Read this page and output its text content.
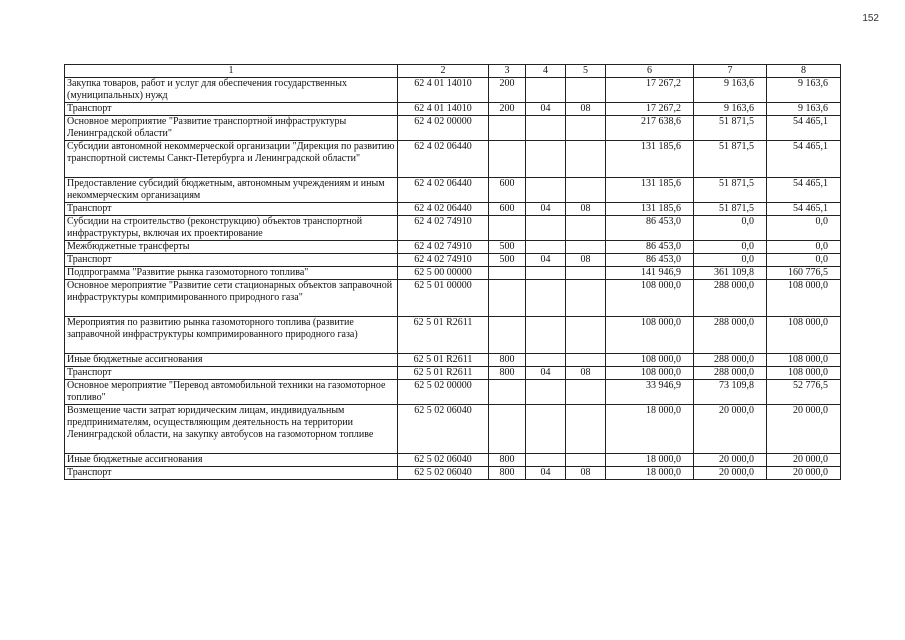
152
1	2	3	4	5	6	7	8
Закупка товаров, работ и услуг для обеспечения государственных (муниципальных) нужд	62 4 01 14010	200			17 267,2	9 163,6	9 163,6
Транспорт	62 4 01 14010	200	04	08	17 267,2	9 163,6	9 163,6
Основное мероприятие "Развитие транспортной инфраструктуры Ленинградской области"	62 4 02 00000				217 638,6	51 871,5	54 465,1
Субсидии автономной некоммерческой организации "Дирекция по развитию транспортной системы Санкт-Петербурга и Ленинградской области"	62 4 02 06440				131 185,6	51 871,5	54 465,1
Предоставление субсидий бюджетным, автономным учреждениям и иным некоммерческим организациям	62 4 02 06440	600			131 185,6	51 871,5	54 465,1
Транспорт	62 4 02 06440	600	04	08	131 185,6	51 871,5	54 465,1
Субсидии на строительство (реконструкцию) объектов транспортной инфраструктуры, включая их проектирование	62 4 02 74910				86 453,0	0,0	0,0
Межбюджетные трансферты	62 4 02 74910	500			86 453,0	0,0	0,0
Транспорт	62 4 02 74910	500	04	08	86 453,0	0,0	0,0
Подпрограмма "Развитие рынка газомоторного топлива"	62 5 00 00000				141 946,9	361 109,8	160 776,5
Основное мероприятие "Развитие сети стационарных объектов заправочной инфраструктуры компримированного природного газа"	62 5 01 00000				108 000,0	288 000,0	108 000,0
Мероприятия по развитию рынка газомоторного топлива (развитие заправочной инфраструктуры компримированного природного газа)	62 5 01 R2611				108 000,0	288 000,0	108 000,0
Иные бюджетные ассигнования	62 5 01 R2611	800			108 000,0	288 000,0	108 000,0
Транспорт	62 5 01 R2611	800	04	08	108 000,0	288 000,0	108 000,0
Основное мероприятие "Перевод автомобильной техники на газомоторное топливо"	62 5 02 00000				33 946,9	73 109,8	52 776,5
Возмещение части затрат юридическим лицам, индивидуальным предпринимателям, осуществляющим деятельность на территории Ленинградской области, на закупку автобусов на газомоторном топливе	62 5 02 06040				18 000,0	20 000,0	20 000,0
Иные бюджетные ассигнования	62 5 02 06040	800			18 000,0	20 000,0	20 000,0
Транспорт	62 5 02 06040	800	04	08	18 000,0	20 000,0	20 000,0
